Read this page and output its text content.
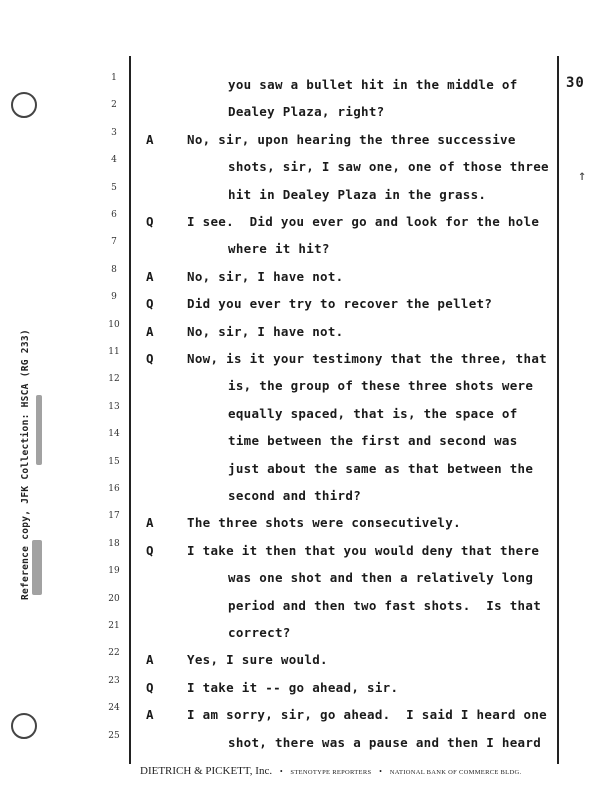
Reference copy, JFK Collection: HSCA (RG 233)
30
↑
1	you saw a bullet hit in the middle of
2	Dealey Plaza, right?
3	A	No, sir, upon hearing the three successive
4	shots, sir, I saw one, one of those three
5	hit in Dealey Plaza in the grass.
6	Q	I see.  Did you ever go and look for the hole
7	where it hit?
8	A	No, sir, I have not.
9	Q	Did you ever try to recover the pellet?
10	A	No, sir, I have not.
11	Q	Now, is it your testimony that the three, that
12	is, the group of these three shots were
13	equally spaced, that is, the space of
14	time between the first and second was
15	just about the same as that between the
16	second and third?
17	A	The three shots were consecutively.
18	Q	I take it then that you would deny that there
19	was one shot and then a relatively long
20	period and then two fast shots.  Is that
21	correct?
22	A	Yes, I sure would.
23	Q	I take it -- go ahead, sir.
24	A	I am sorry, sir, go ahead.  I said I heard one
25	shot, there was a pause and then I heard
DIETRICH & PICKETT, Inc. • STENOTYPE REPORTERS • NATIONAL BANK OF COMMERCE BLDG.
